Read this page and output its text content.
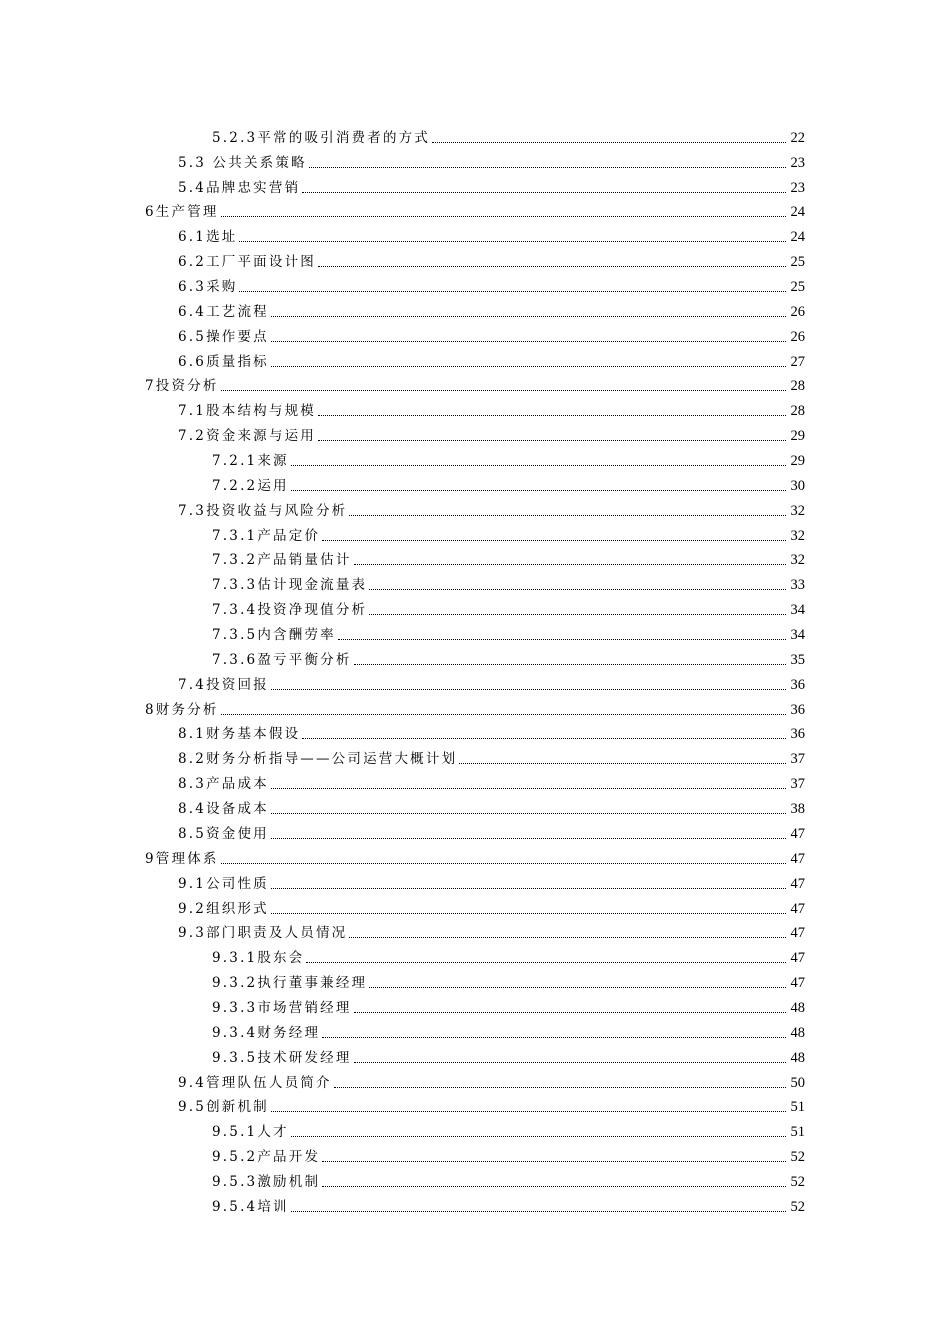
5.2.3平常的吸引消费者的方式	22
5.3 公共关系策略	23
5.4品牌忠实营销	23
6生产管理	24
6.1选址	24
6.2工厂平面设计图	25
6.3采购	25
6.4工艺流程	26
6.5操作要点	26
6.6质量指标	27
7投资分析	28
7.1股本结构与规模	28
7.2资金来源与运用	29
7.2.1来源	29
7.2.2运用	30
7.3投资收益与风险分析	32
7.3.1产品定价	32
7.3.2产品销量估计	32
7.3.3估计现金流量表	33
7.3.4投资净现值分析	34
7.3.5内含酬劳率	34
7.3.6盈亏平衡分析	35
7.4投资回报	36
8财务分析	36
8.1财务基本假设	36
8.2财务分析指导——公司运营大概计划	37
8.3产品成本	37
8.4设备成本	38
8.5资金使用	47
9管理体系	47
9.1公司性质	47
9.2组织形式	47
9.3部门职责及人员情况	47
9.3.1股东会	47
9.3.2执行董事兼经理	47
9.3.3市场营销经理	48
9.3.4财务经理	48
9.3.5技术研发经理	48
9.4管理队伍人员简介	50
9.5创新机制	51
9.5.1人才	51
9.5.2产品开发	52
9.5.3激励机制	52
9.5.4培训	52
